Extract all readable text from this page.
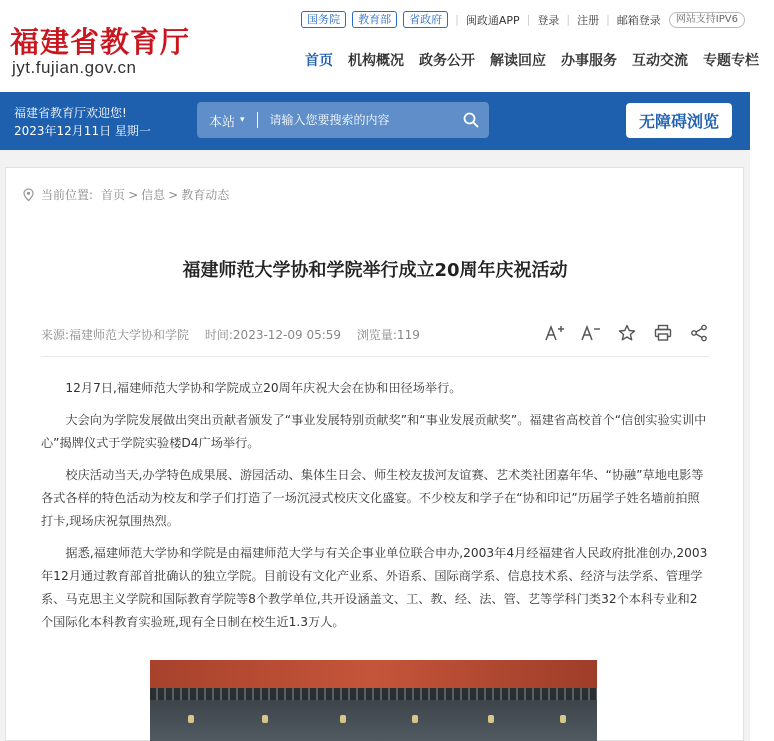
福建省教育厅
jyt.fujian.gov.cn
国务院	教育部	省政府	| 闽政通APP | 登录 | 注册 | 邮箱登录	网站支持IPV6
首页 机构概况 政务公开 解读回应 办事服务 互动交流 专题专栏
福建省教育厅欢迎您!
2023年12月11日 星期一
本站 ▾
请输入您要搜索的内容	无障碍浏览
当前位置: 首页 > 信息 > 教育动态
福建师范大学协和学院举行成立20周年庆祝活动
来源:福建师范大学协和学院 时间:2023-12-09 05:59 浏览量:119

12月7日,福建师范大学协和学院成立20周年庆祝大会在协和田径场举行。

大会向为学院发展做出突出贡献者颁发了“事业发展特别贡献奖”和“事业发展贡献奖”。福建省高校首个“信创实验实训中心”揭牌仪式于学院实验楼D4广场举行。

校庆活动当天,办学特色成果展、游园活动、集体生日会、师生校友拔河友谊赛、艺术类社团嘉年华、“协融”草地电影等各式各样的特色活动为校友和学子们打造了一场沉浸式校庆文化盛宴。不少校友和学子在“协和印记”历届学子姓名墙前拍照打卡,现场庆祝氛围热烈。

据悉,福建师范大学协和学院是由福建师范大学与有关企事业单位联合申办,2003年4月经福建省人民政府批准创办,2003年12月通过教育部首批确认的独立学院。目前设有文化产业系、外语系、国际商学系、信息技术系、经济与法学系、管理学系、马克思主义学院和国际教育学院等8个教学单位,共开设涵盖文、工、教、经、法、管、艺等学科门类32个本科专业和2个国际化本科教育实验班,现有全日制在校生近1.3万人。
